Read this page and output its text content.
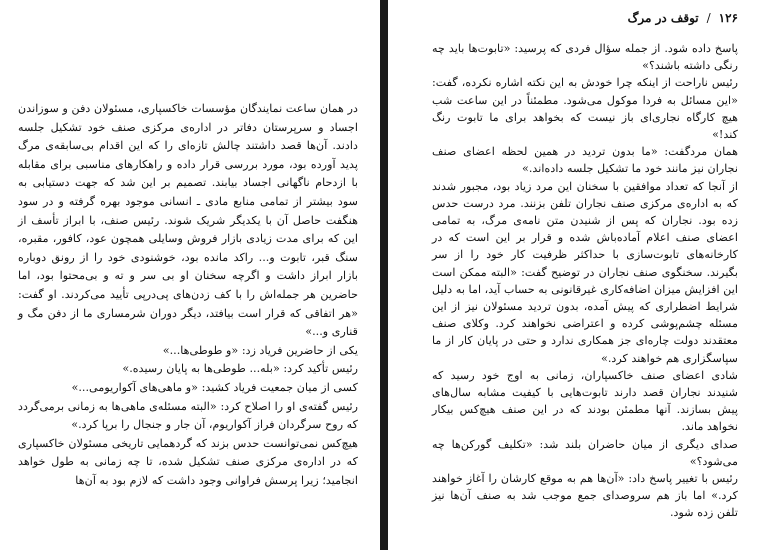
در همان ساعت نمایندگان مؤسسات خاکسپاری، مسئولان دفن و سوزاندن اجساد و سرپرستان دفاتر در اداره‌ی مرکزی صنف خود تشکیل جلسه دادند. آن‌ها قصد داشتند چالش تازه‌ای را که این اقدام بی‌سابقه‌ی مرگ پدید آورده بود، مورد بررسی قرار داده و راهکارهای مناسبی برای مقابله با ازدحام ناگهانی اجساد بیابند. تصمیم بر این شد که جهت دستیابی به سود بیشتر از تمامی منابع مادی ـ انسانی موجود بهره گرفته و در سود هنگفت حاصل آن با یکدیگر شریک شوند. رئیس صنف، با ابراز تأسف از این که برای مدت زیادی بازار فروش وسایلی همچون عود، کافور، مقبره، سنگ قبر، تابوت و... راکد مانده بود، خوشنودی خود را از رونق دوباره بازار ابراز داشت و اگرچه سخنان او بی سر و ته و بی‌محتوا بود، اما حاضرین هر جمله‌اش را با کف زدن‌های پی‌درپی تأیید می‌کردند. او گفت: «هر اتفاقی که قرار است بیافتد، دیگر دوران شرمساری ما از دفن مگ و قناری و...»

یکی از حاضرین فریاد زد: «و طوطی‌ها...»

رئیس تأکید کرد: «بله... طوطی‌ها به پایان رسیده.»

کسی از میان جمعیت فریاد کشید: «و ماهی‌های آکواریومی...»

رئیس گفته‌ی او را اصلاح کرد: «البته مسئله‌ی ماهی‌ها به زمانی برمی‌گردد که روح سرگردان فراز آکواریوم، آن جار و جنجال را برپا کرد.»

هیچ‌کس نمی‌توانست حدس بزند که گردهمایی تاریخی مسئولان خاکسپاری که در اداره‌ی مرکزی صنف تشکیل شده، تا چه زمانی به طول خواهد انجامید؛ زیرا پرسش فراوانی وجود داشت که لازم بود به آن‌ها

۱۲۶
/
توقف در مرگ

پاسخ داده شود. از جمله سؤال فردی که پرسید: «تابوت‌ها باید چه رنگی داشته باشند؟»

رئیس ناراحت از اینکه چرا خودش به این نکته اشاره نکرده، گفت: «این مسائل به فردا موکول می‌شود. مطمئناً در این ساعت شب هیچ کارگاه نجاری‌ای باز نیست که بخواهد برای ما تابوت رنگ کند!»

همان مردگفت: «ما بدون تردید در همین لحظه اعضای صنف نجاران نیز مانند خود ما تشکیل جلسه داده‌اند.»

از آنجا که تعداد موافقین با سخنان این مرد زیاد بود، مجبور شدند که به اداره‌ی مرکزی صنف نجاران تلفن بزنند. مرد درست حدس زده بود. نجاران که پس از شنیدن متن نامه‌ی مرگ، به تمامی اعضای صنف اعلام آماده‌باش شده و قرار بر این است که در کارخانه‌های تابوت‌سازی با حداکثر ظرفیت کار خود را از سر بگیرند. سخنگوی صنف نجاران در توضیح گفت: «البته ممکن است این افزایش میزان اضافه‌کاری غیرقانونی به حساب آید، اما به دلیل شرایط اضطراری که پیش آمده، بدون تردید مسئولان نیز از این مسئله چشم‌پوشی کرده و اعتراضی نخواهند کرد. وکلای صنف معتقدند دولت چاره‌ای جز همکاری ندارد و حتی در پایان کار از ما سپاسگزاری هم خواهند کرد.»

شادی اعضای صنف خاکسپاران، زمانی به اوج خود رسید که شنیدند نجاران قصد دارند تابوت‌هایی با کیفیت مشابه سال‌های پیش بسازند. آنها مطمئن بودند که در این صنف هیچ‌کس بیکار نخواهد ماند.

صدای دیگری از میان حاضران بلند شد: «تکلیف گورکن‌ها چه می‌شود؟»

رئیس با تغییر پاسخ داد: «آن‌ها هم به موقع کارشان را آغاز خواهند کرد.» اما باز هم سروصدای جمع موجب شد به صنف آن‌ها نیز تلفن زده شود.
